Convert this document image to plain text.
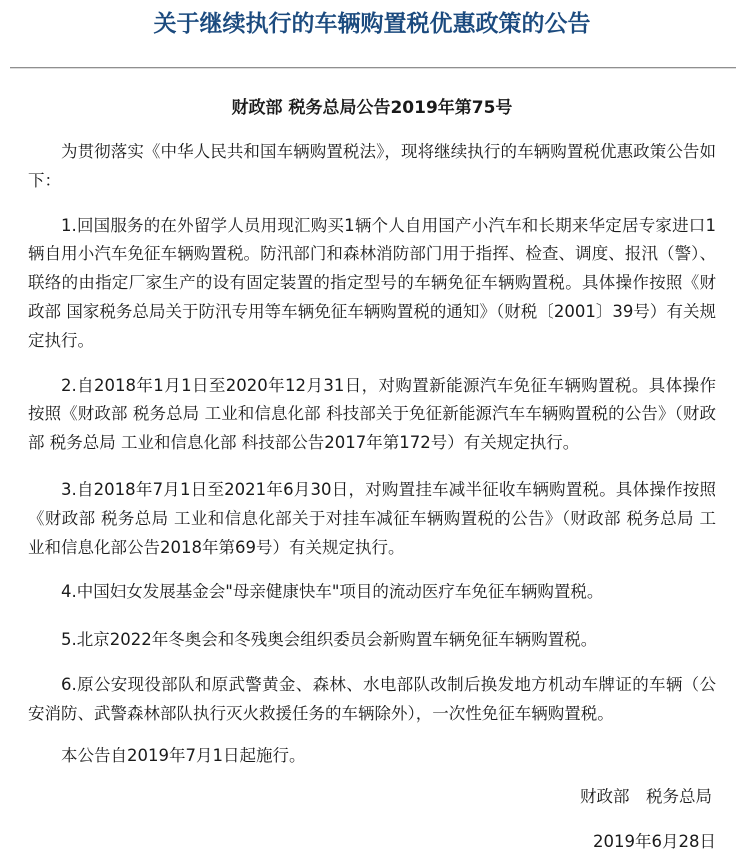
关于继续执行的车辆购置税优惠政策的公告
财政部 税务总局公告2019年第75号

为贯彻落实《中华人民共和国车辆购置税法》，现将继续执行的车辆购置税优惠政策公告如下：

1.回国服务的在外留学人员用现汇购买1辆个人自用国产小汽车和长期来华定居专家进口1辆自用小汽车免征车辆购置税。防汛部门和森林消防部门用于指挥、检查、调度、报汛（警）、联络的由指定厂家生产的设有固定装置的指定型号的车辆免征车辆购置税。具体操作按照《财政部 国家税务总局关于防汛专用等车辆免征车辆购置税的通知》（财税〔2001〕39号）有关规定执行。

2.自2018年1月1日至2020年12月31日，对购置新能源汽车免征车辆购置税。具体操作按照《财政部 税务总局 工业和信息化部 科技部关于免征新能源汽车车辆购置税的公告》（财政部 税务总局 工业和信息化部 科技部公告2017年第172号）有关规定执行。

3.自2018年7月1日至2021年6月30日，对购置挂车减半征收车辆购置税。具体操作按照《财政部 税务总局 工业和信息化部关于对挂车减征车辆购置税的公告》（财政部 税务总局 工业和信息化部公告2018年第69号）有关规定执行。

4.中国妇女发展基金会"母亲健康快车"项目的流动医疗车免征车辆购置税。

5.北京2022年冬奥会和冬残奥会组织委员会新购置车辆免征车辆购置税。

6.原公安现役部队和原武警黄金、森林、水电部队改制后换发地方机动车牌证的车辆（公安消防、武警森林部队执行灭火救援任务的车辆除外），一次性免征车辆购置税。

本公告自2019年7月1日起施行。

财政部　税务总局
2019年6月28日
